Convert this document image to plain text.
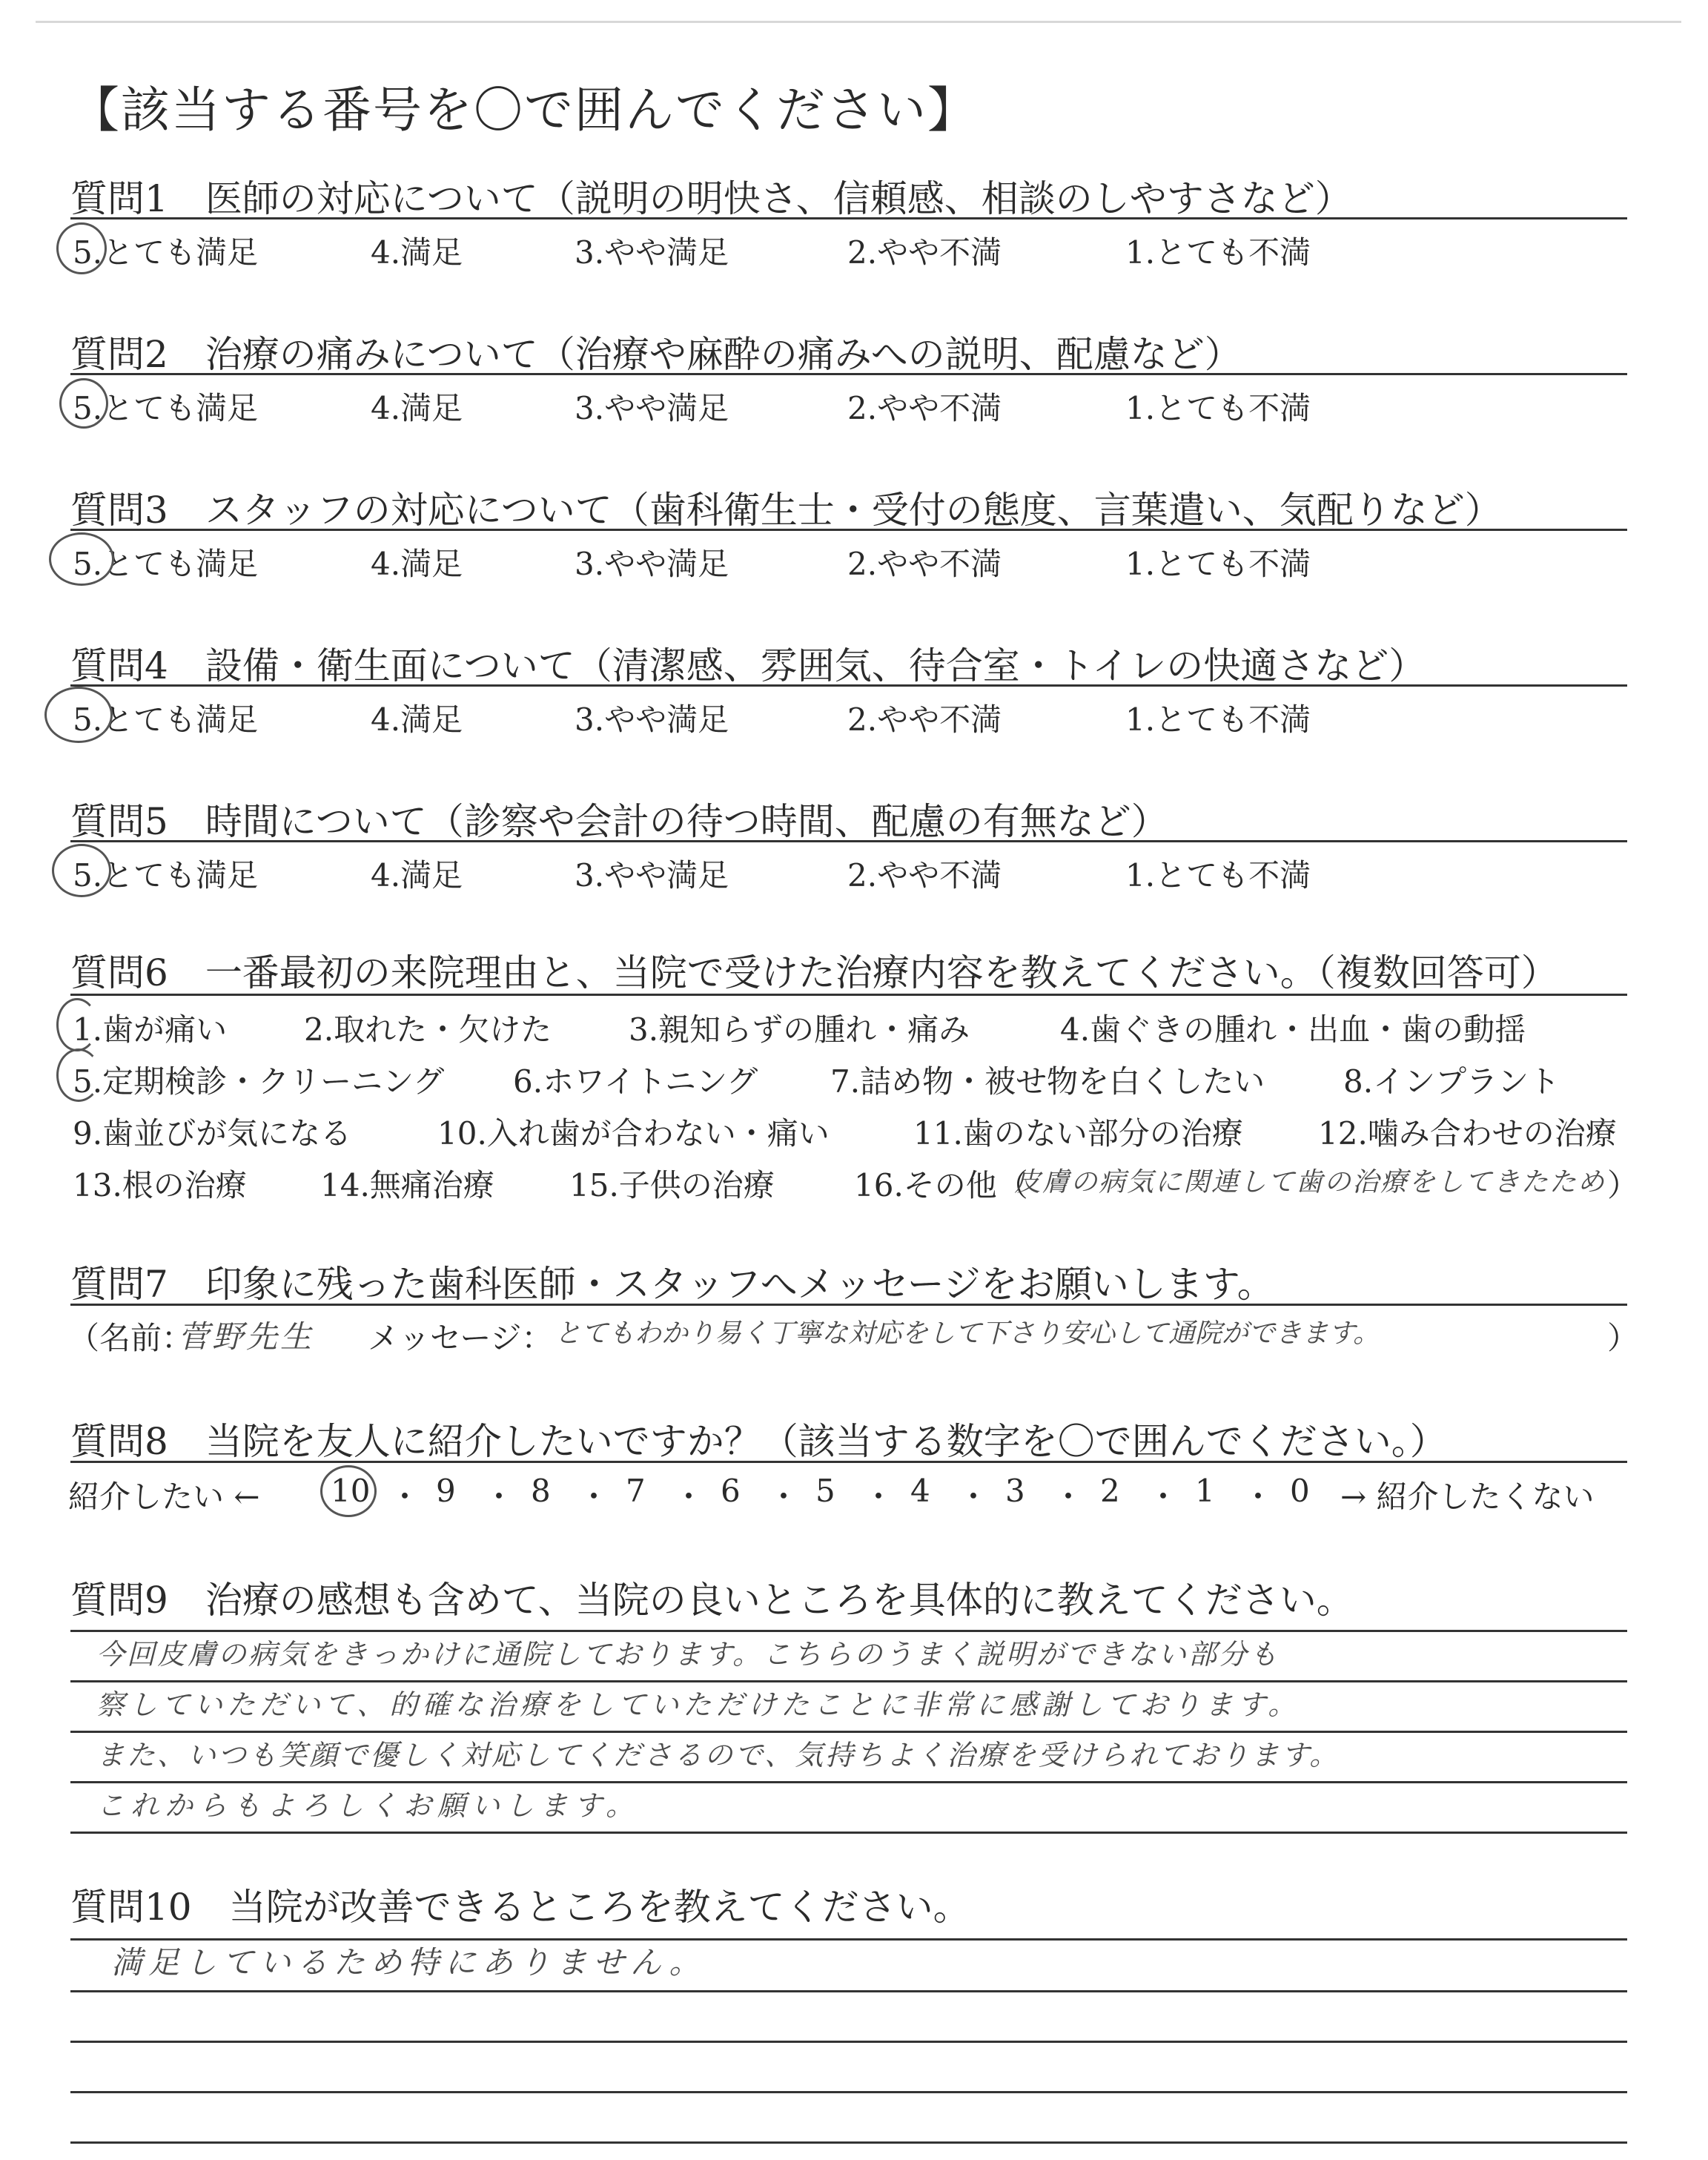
【該当する番号を〇で囲んでください】
質問1　 医師の対応について（説明の明快さ、信頼感、相談のしやすさなど）
5.とても満足	4.満足	3.やや満足	2.やや不満	1.とても不満
質問2　 治療の痛みについて（治療や麻酔の痛みへの説明、配慮など）
5.とても満足	4.満足	3.やや満足	2.やや不満	1.とても不満
質問3　 スタッフの対応について（歯科衛生士・受付の態度、言葉遣い、気配りなど）
5.とても満足	4.満足	3.やや満足	2.やや不満	1.とても不満
質問4　 設備・衛生面について（清潔感、雰囲気、待合室・トイレの快適さなど）
5.とても満足	4.満足	3.やや満足	2.やや不満	1.とても不満
質問5　 時間について（診察や会計の待つ時間、配慮の有無など）
5.とても満足	4.満足	3.やや満足	2.やや不満	1.とても不満
質問6　 一番最初の来院理由と、当院で受けた治療内容を教えてください。（複数回答可）
1.歯が痛い 2.取れた・欠けた 3.親知らずの腫れ・痛み	4.歯ぐきの腫れ・出血・歯の動揺
5.定期検診・クリーニング 6.ホワイトニング 7.詰め物・被せ物を白くしたい	8.インプラント
9.歯並びが気になる	10.入れ歯が合わない・痛い	11.歯のない部分の治療 12.噛み合わせの治療
13.根の治療 14.無痛治療 15.子供の治療	16.その他（	）
皮膚の病気に関連して歯の治療をしてきたため
質問7　 印象に残った歯科医師・スタッフへメッセージをお願いします。
（名前：
菅野先生 メッセージ： とてもわかり易く丁寧な対応をして下さり安心して通院ができます。	）
質問8　 当院を友人に紹介したいですか？（該当する数字を〇で囲んでください。）
紹介したい ← 10 ・ 9 ・ 8 ・ 7 ・ 6 ・ 5 ・ 4 ・ 3 ・ 2 ・ 1 ・ 0 → 紹介したくない
質問9　 治療の感想も含めて、当院の良いところを具体的に教えてください。
今回皮膚の病気をきっかけに通院しております。こちらのうまく説明ができない部分も
察していただいて、的確な治療をしていただけたことに非常に感謝しております。
また、いつも笑顔で優しく対応してくださるので、気持ちよく治療を受けられております。
これからもよろしくお願いします。
質問10　 当院が改善できるところを教えてください。
満足しているため特にありません。
